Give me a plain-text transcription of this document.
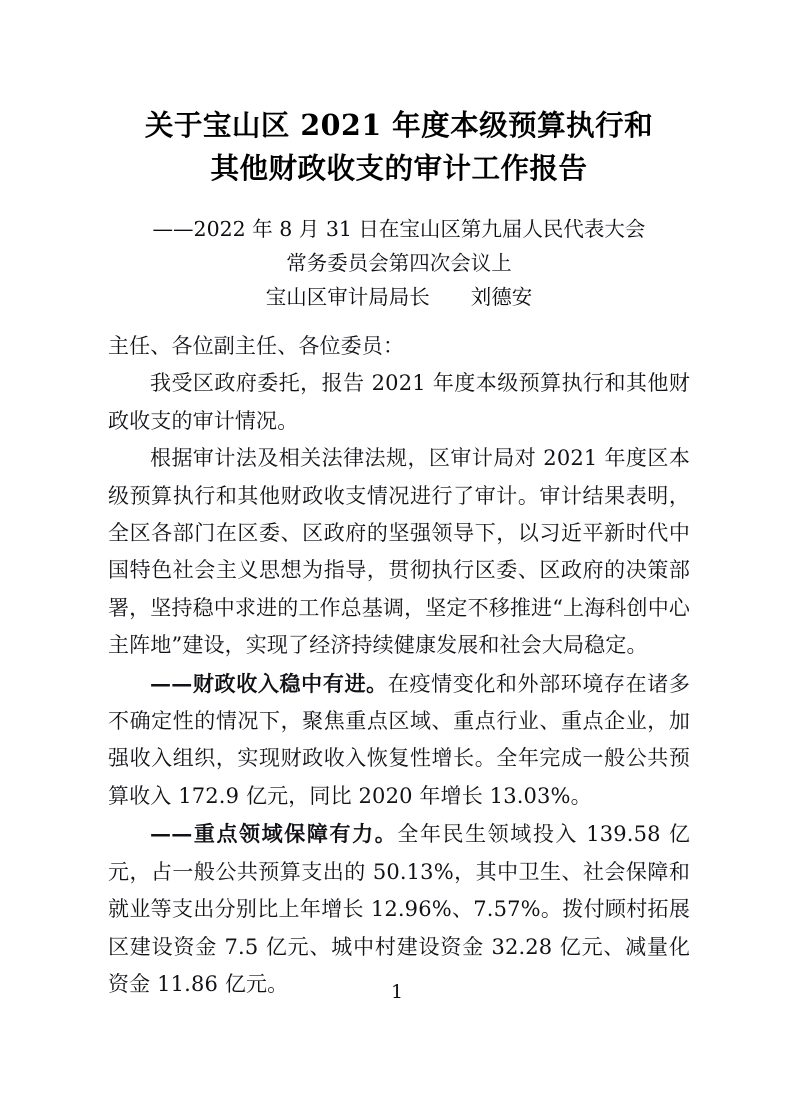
关于宝山区 2021 年度本级预算执行和
其他财政收支的审计工作报告
——2022 年 8 月 31 日在宝山区第九届人民代表大会
常务委员会第四次会议上
宝山区审计局局长　　刘德安

主任、各位副主任、各位委员：

我受区政府委托，报告 2021 年度本级预算执行和其他财政收支的审计情况。

根据审计法及相关法律法规，区审计局对 2021 年度区本级预算执行和其他财政收支情况进行了审计。审计结果表明，全区各部门在区委、区政府的坚强领导下，以习近平新时代中国特色社会主义思想为指导，贯彻执行区委、区政府的决策部署，坚持稳中求进的工作总基调，坚定不移推进“上海科创中心主阵地”建设，实现了经济持续健康发展和社会大局稳定。

——财政收入稳中有进。在疫情变化和外部环境存在诸多不确定性的情况下，聚焦重点区域、重点行业、重点企业，加强收入组织，实现财政收入恢复性增长。全年完成一般公共预算收入 172.9 亿元，同比 2020 年增长 13.03%。

——重点领域保障有力。全年民生领域投入 139.58 亿元，占一般公共预算支出的 50.13%，其中卫生、社会保障和就业等支出分别比上年增长 12.96%、7.57%。拨付顾村拓展区建设资金 7.5 亿元、城中村建设资金 32.28 亿元、减量化资金 11.86 亿元。	1
